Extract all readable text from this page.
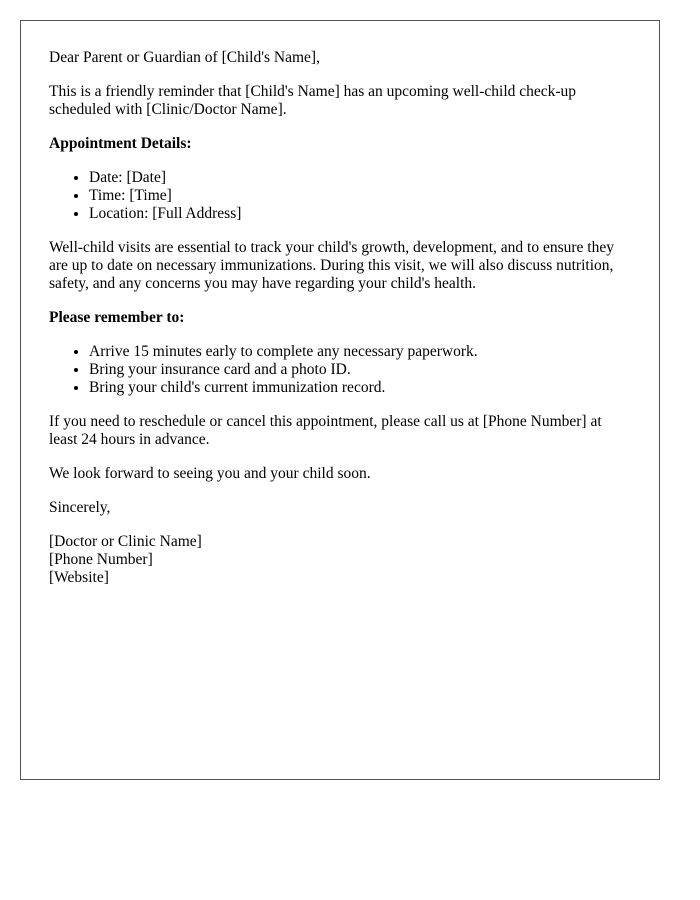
Dear Parent or Guardian of [Child's Name],

This is a friendly reminder that [Child's Name] has an upcoming well-child check-up scheduled with [Clinic/Doctor Name].

Appointment Details:

• Date: [Date]
• Time: [Time]
• Location: [Full Address]

Well-child visits are essential to track your child's growth, development, and to ensure they are up to date on necessary immunizations. During this visit, we will also discuss nutrition, safety, and any concerns you may have regarding your child's health.

Please remember to:

• Arrive 15 minutes early to complete any necessary paperwork.
• Bring your insurance card and a photo ID.
• Bring your child's current immunization record.

If you need to reschedule or cancel this appointment, please call us at [Phone Number] at least 24 hours in advance.

We look forward to seeing you and your child soon.

Sincerely,

[Doctor or Clinic Name]
[Phone Number]
[Website]
